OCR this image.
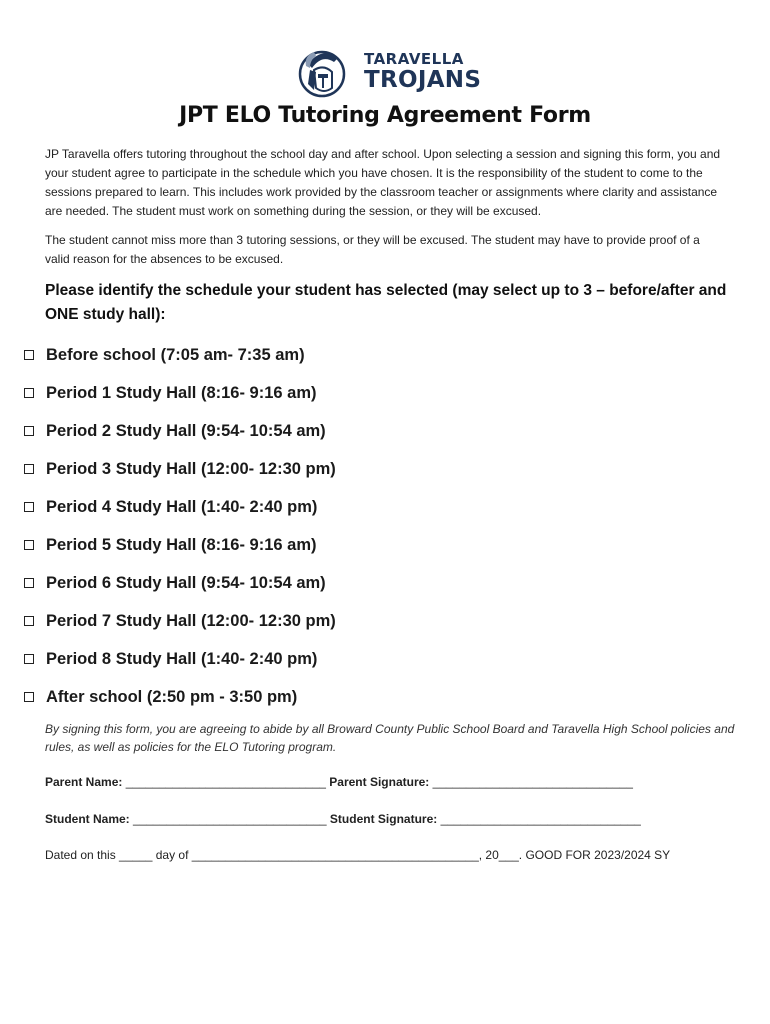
TARAVELLA
TROJANS
JPT ELO Tutoring Agreement Form
JP Taravella offers tutoring throughout the school day and after school. Upon selecting a session and signing this form, you and your student agree to participate in the schedule which you have chosen. It is the responsibility of the student to come to the sessions prepared to learn. This includes work provided by the classroom teacher or assignments where clarity and assistance are needed. The student must work on something during the session, or they will be excused.
The student cannot miss more than 3 tutoring sessions, or they will be excused. The student may have to provide proof of a valid reason for the absences to be excused.
Please identify the schedule your student has selected (may select up to 3 – before/after and ONE study hall):
Before school (7:05 am- 7:35 am)
Period 1 Study Hall (8:16- 9:16 am)
Period 2 Study Hall (9:54- 10:54 am)
Period 3 Study Hall (12:00- 12:30 pm)
Period 4 Study Hall (1:40- 2:40 pm)
Period 5 Study Hall (8:16- 9:16 am)
Period 6 Study Hall (9:54- 10:54 am)
Period 7 Study Hall (12:00- 12:30 pm)
Period 8 Study Hall (1:40- 2:40 pm)
After school (2:50 pm - 3:50 pm)
By signing this form, you are agreeing to abide by all Broward County Public School Board and Taravella High School policies and rules, as well as policies for the ELO Tutoring program.
Parent Name: ______________________________ Parent Signature: ______________________________
Student Name: _____________________________ Student Signature: ______________________________
Dated on this _____ day of ___________________________________________, 20___. GOOD FOR 2023/2024 SY
